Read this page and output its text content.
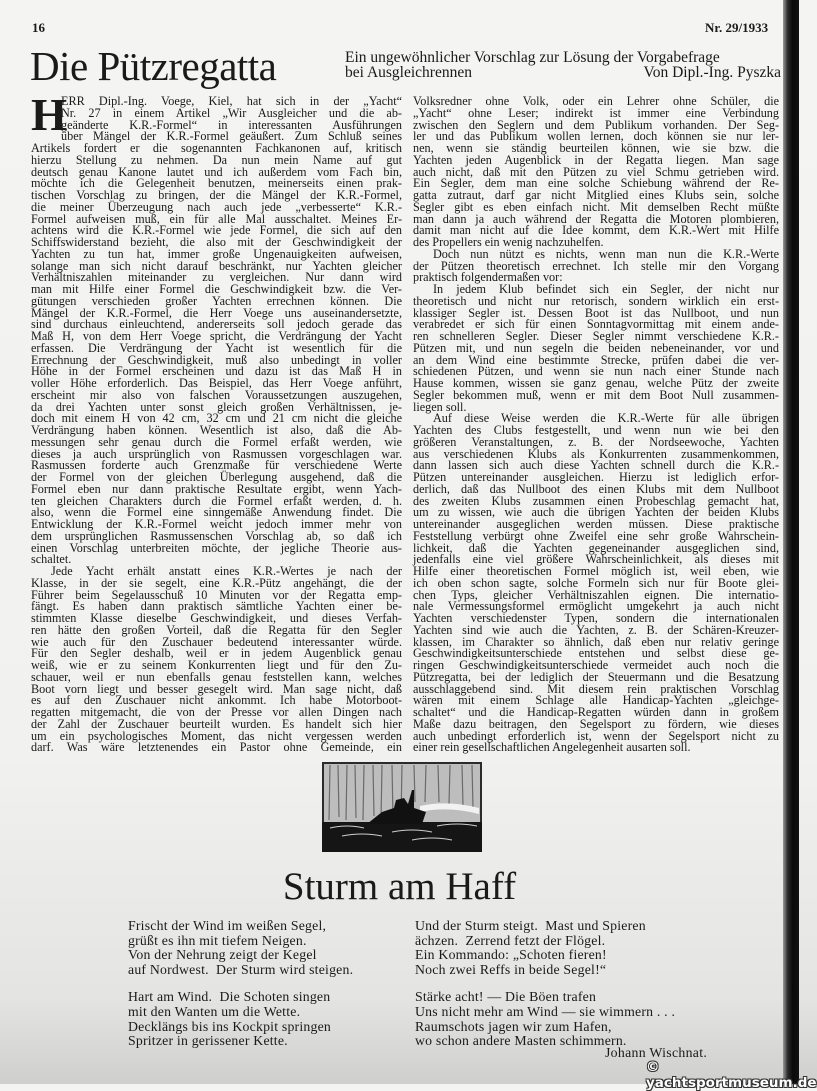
16	Nr. 29/1933
Die Pützregatta	Ein ungewöhnlicher Vorschlag zur Lösung der Vorgabefrage
bei Ausgleichrennen	Von Dipl.-Ing. Pyszka
H
ERR Dipl.-Ing. Voege, Kiel, hat sich in der „Yacht“
Nr. 27 in einem Artikel „Wir Ausgleicher und die ab-
geänderte K.R.-Formel“ in interessanten Ausführungen
über Mängel der K.R.-Formel geäußert. Zum Schluß seines
Artikels fordert er die sogenannten Fachkanonen auf, kritisch
hierzu Stellung zu nehmen. Da nun mein Name auf gut
deutsch genau Kanone lautet und ich außerdem vom Fach bin,
möchte ich die Gelegenheit benutzen, meinerseits einen prak-
tischen Vorschlag zu bringen, der die Mängel der K.R.-Formel,
die meiner Überzeugung nach auch jede „verbesserte“ K.R.-
Formel aufweisen muß, ein für alle Mal ausschaltet. Meines Er-
achtens wird die K.R.-Formel wie jede Formel, die sich auf den
Schiffswiderstand bezieht, die also mit der Geschwindigkeit der
Yachten zu tun hat, immer große Ungenauigkeiten aufweisen,
solange man sich nicht darauf beschränkt, nur Yachten gleicher
Verhältniszahlen miteinander zu vergleichen. Nur dann wird
man mit Hilfe einer Formel die Geschwindigkeit bzw. die Ver-
gütungen verschieden großer Yachten errechnen können. Die
Mängel der K.R.-Formel, die Herr Voege uns auseinandersetzte,
sind durchaus einleuchtend, andererseits soll jedoch gerade das
Maß H, von dem Herr Voege spricht, die Verdrängung der Yacht
erfassen. Die Verdrängung der Yacht ist wesentlich für die
Errechnung der Geschwindigkeit, muß also unbedingt in voller
Höhe in der Formel erscheinen und dazu ist das Maß H in
voller Höhe erforderlich. Das Beispiel, das Herr Voege anführt,
erscheint mir also von falschen Voraussetzungen auszugehen,
da drei Yachten unter sonst gleich großen Verhältnissen, je-
doch mit einem H von 42 cm, 32 cm und 21 cm nicht die gleiche
Verdrängung haben können. Wesentlich ist also, daß die Ab-
messungen sehr genau durch die Formel erfaßt werden, wie
dieses ja auch ursprünglich von Rasmussen vorgeschlagen war.
Rasmussen forderte auch Grenzmaße für verschiedene Werte
der Formel von der gleichen Überlegung ausgehend, daß die
Formel eben nur dann praktische Resultate ergibt, wenn Yach-
ten gleichen Charakters durch die Formel erfaßt werden, d. h.
also, wenn die Formel eine sinngemäße Anwendung findet. Die
Entwicklung der K.R.-Formel weicht jedoch immer mehr von
dem ursprünglichen Rasmussenschen Vorschlag ab, so daß ich
einen Vorschlag unterbreiten möchte, der jegliche Theorie aus-
schaltet.
Jede Yacht erhält anstatt eines K.R.-Wertes je nach der
Klasse, in der sie segelt, eine K.R.-Pütz angehängt, die der
Führer beim Segelausschuß 10 Minuten vor der Regatta emp-
fängt. Es haben dann praktisch sämtliche Yachten einer be-
stimmten Klasse dieselbe Geschwindigkeit, und dieses Verfah-
ren hätte den großen Vorteil, daß die Regatta für den Segler
wie auch für den Zuschauer bedeutend interessanter würde.
Für den Segler deshalb, weil er in jedem Augenblick genau
weiß, wie er zu seinem Konkurrenten liegt und für den Zu-
schauer, weil er nun ebenfalls genau feststellen kann, welches
Boot vorn liegt und besser gesegelt wird. Man sage nicht, daß
es auf den Zuschauer nicht ankommt. Ich habe Motorboot-
regatten mitgemacht, die von der Presse vor allen Dingen nach
der Zahl der Zuschauer beurteilt wurden. Es handelt sich hier
um ein psychologisches Moment, das nicht vergessen werden
darf. Was wäre letztenendes ein Pastor ohne Gemeinde, ein
Volksredner ohne Volk, oder ein Lehrer ohne Schüler, die
„Yacht“ ohne Leser; indirekt ist immer eine Verbindung
zwischen den Seglern und dem Publikum vorhanden. Der Seg-
ler und das Publikum wollen lernen, doch können sie nur ler-
nen, wenn sie ständig beurteilen können, wie sie bzw. die
Yachten jeden Augenblick in der Regatta liegen. Man sage
auch nicht, daß mit den Pützen zu viel Schmu getrieben wird.
Ein Segler, dem man eine solche Schiebung während der Re-
gatta zutraut, darf gar nicht Mitglied eines Klubs sein, solche
Segler gibt es eben einfach nicht. Mit demselben Recht müßte
man dann ja auch während der Regatta die Motoren plombieren,
damit man nicht auf die Idee kommt, dem K.R.-Wert mit Hilfe
des Propellers ein wenig nachzuhelfen.
Doch nun nützt es nichts, wenn man nun die K.R.-Werte
der Pützen theoretisch errechnet. Ich stelle mir den Vorgang
praktisch folgendermaßen vor:
In jedem Klub befindet sich ein Segler, der nicht nur
theoretisch und nicht nur retorisch, sondern wirklich ein erst-
klassiger Segler ist. Dessen Boot ist das Nullboot, und nun
verabredet er sich für einen Sonntagvormittag mit einem ande-
ren schnelleren Segler. Dieser Segler nimmt verschiedene K.R.-
Pützen mit, und nun segeln die beiden nebeneinander, vor und
an dem Wind eine bestimmte Strecke, prüfen dabei die ver-
schiedenen Pützen, und wenn sie nun nach einer Stunde nach
Hause kommen, wissen sie ganz genau, welche Pütz der zweite
Segler bekommen muß, wenn er mit dem Boot Null zusammen-
liegen soll.
Auf diese Weise werden die K.R.-Werte für alle übrigen
Yachten des Clubs festgestellt, und wenn nun wie bei den
größeren Veranstaltungen, z. B. der Nordseewoche, Yachten
aus verschiedenen Klubs als Konkurrenten zusammenkommen,
dann lassen sich auch diese Yachten schnell durch die K.R.-
Pützen untereinander ausgleichen. Hierzu ist lediglich erfor-
derlich, daß das Nullboot des einen Klubs mit dem Nullboot
des zweiten Klubs zusammen einen Probeschlag gemacht hat,
um zu wissen, wie auch die übrigen Yachten der beiden Klubs
untereinander ausgeglichen werden müssen. Diese praktische
Feststellung verbürgt ohne Zweifel eine sehr große Wahrschein-
lichkeit, daß die Yachten gegeneinander ausgeglichen sind,
jedenfalls eine viel größere Wahrscheinlichkeit, als dieses mit
Hilfe einer theoretischen Formel möglich ist, weil eben, wie
ich oben schon sagte, solche Formeln sich nur für Boote glei-
chen Typs, gleicher Verhältniszahlen eignen. Die internatio-
nale Vermessungsformel ermöglicht umgekehrt ja auch nicht
Yachten verschiedenster Typen, sondern die internationalen
Yachten sind wie auch die Yachten, z. B. der Schären-Kreuzer-
klassen, im Charakter so ähnlich, daß eben nur relativ geringe
Geschwindigkeitsunterschiede entstehen und selbst diese ge-
ringen Geschwindigkeitsunterschiede vermeidet auch noch die
Pützregatta, bei der lediglich der Steuermann und die Besatzung
ausschlaggebend sind. Mit diesem rein praktischen Vorschlag
wären mit einem Schlage alle Handicap-Yachten „gleichge-
schaltet“ und die Handicap-Regatten würden dann in großem
Maße dazu beitragen, den Segelsport zu fördern, wie dieses
auch unbedingt erforderlich ist, wenn der Segelsport nicht zu
einer rein gesellschaftlichen Angelegenheit ausarten soll.
Sturm am Haff
Frischt der Wind im weißen Segel,
grüßt es ihn mit tiefem Neigen.
Von der Nehrung zeigt der Kegel
auf Nordwest.  Der Sturm wird steigen.
Hart am Wind.  Die Schoten singen
mit den Wanten um die Wette.
Decklängs bis ins Kockpit springen
Spritzer in gerissener Kette.
Und der Sturm steigt.  Mast und Spieren
ächzen.  Zerrend fetzt der Flögel.
Ein Kommando: „Schoten fieren!
Noch zwei Reffs in beide Segel!“
Stärke acht! — Die Böen trafen
Uns nicht mehr am Wind — sie wimmern . . .
Raumschots jagen wir zum Hafen,
wo schon andere Masten schimmern.
Johann Wischnat.
© yachtsportmuseum.de
